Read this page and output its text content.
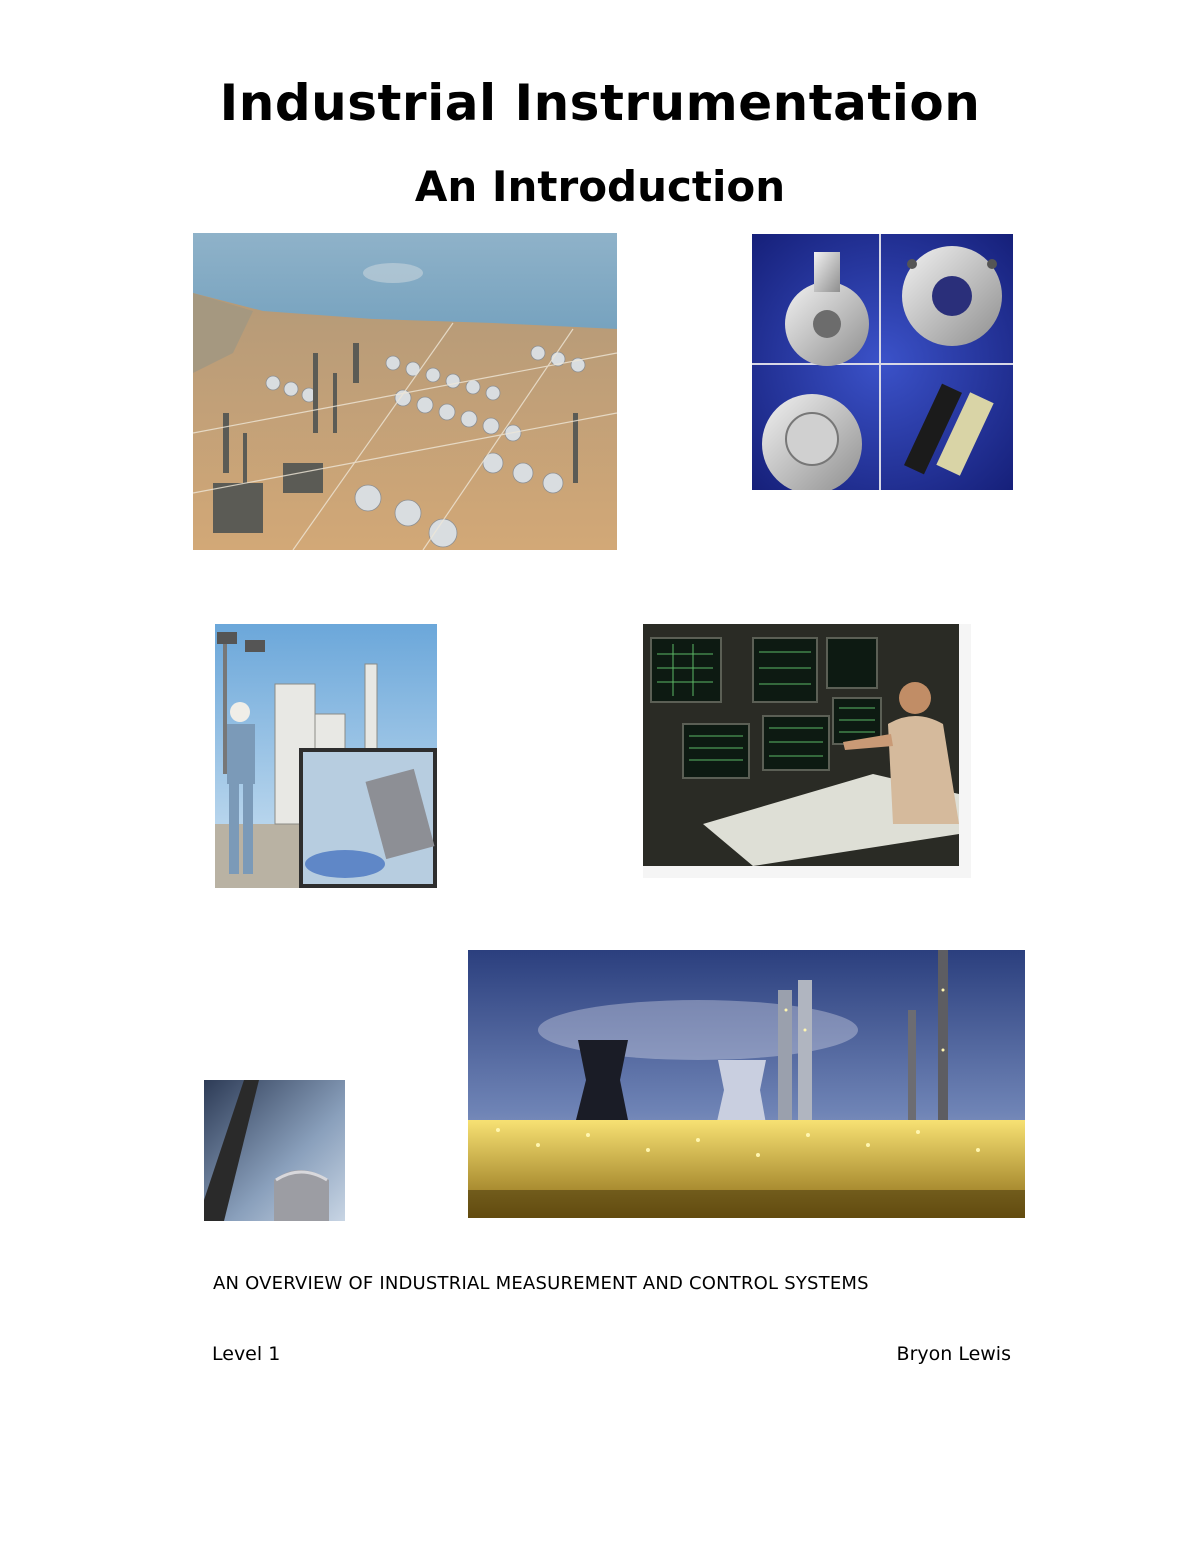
Industrial Instrumentation
An Introduction
AN OVERVIEW OF INDUSTRIAL MEASUREMENT AND CONTROL SYSTEMS
Level 1	Bryon Lewis
